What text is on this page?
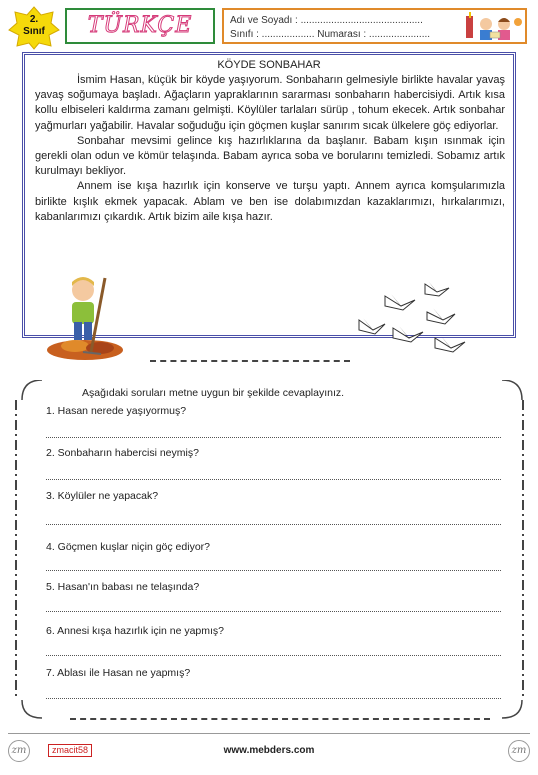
2.
Sınıf	TÜRKÇE	Adı ve Soyadı : ............................................
Sınıfı : ................... Numarası : ......................
KÖYDE SONBAHAR

İsmim Hasan, küçük bir köyde yaşıyorum. Sonbaharın gelmesiyle birlikte havalar yavaş yavaş soğumaya başladı. Ağaçların yapraklarının sararması sonbaharın habercisiydi. Artık kısa kollu elbiseleri kaldırma zamanı gelmişti. Köylüler tarlaları sürüp , tohum ekecek. Artık sonbahar yağmurları yağabilir. Havalar soğuduğu için göçmen kuşlar sanırım sıcak ülkelere göç ediyorlar.

Sonbahar mevsimi gelince kış hazırlıklarına da başlanır. Babam kışın ısınmak için gerekli olan odun ve kömür telaşında. Babam ayrıca soba ve borularını temizledi. Sobamız artık kurulmayı bekliyor.

Annem ise kışa hazırlık için konserve ve turşu yaptı. Annem ayrıca komşularımızla birlikte kışlık ekmek yapacak. Ablam ve ben ise dolabımızdan kazaklarımızı, hırkalarımızı, kabanlarımızı çıkardık. Artık bizim aile kışa hazır.

Aşağıdaki soruları metne uygun bir şekilde cevaplayınız.
1. Hasan nerede yaşıyormuş?
2. Sonbaharın habercisi neymiş?
3. Köylüler ne yapacak?
4. Göçmen kuşlar niçin göç ediyor?
5. Hasan'ın babası ne telaşında?
6. Annesi kışa hazırlık için ne yapmış?
7. Ablası ile Hasan ne yapmış?
zm	zmacit58	www.mebders.com	zm
